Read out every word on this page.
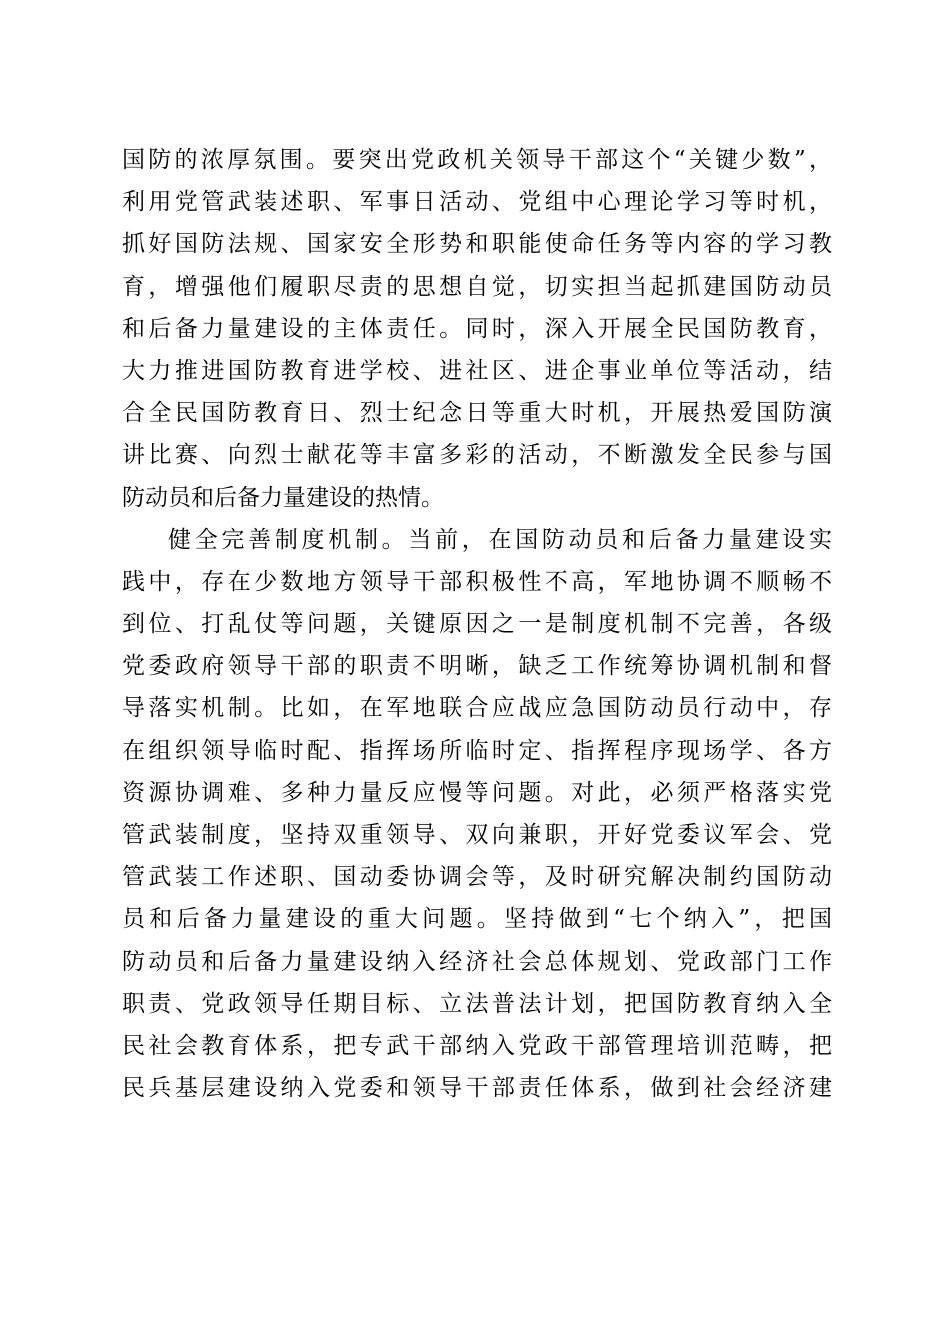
国防的浓厚氛围。要突出党政机关领导干部这个“关键少数”，
利用党管武装述职、军事日活动、党组中心理论学习等时机，
抓好国防法规、国家安全形势和职能使命任务等内容的学习教
育，增强他们履职尽责的思想自觉，切实担当起抓建国防动员
和后备力量建设的主体责任。同时，深入开展全民国防教育，
大力推进国防教育进学校、进社区、进企事业单位等活动，结
合全民国防教育日、烈士纪念日等重大时机，开展热爱国防演
讲比赛、向烈士献花等丰富多彩的活动，不断激发全民参与国
防动员和后备力量建设的热情。
健全完善制度机制。当前，在国防动员和后备力量建设实
践中，存在少数地方领导干部积极性不高，军地协调不顺畅不
到位、打乱仗等问题，关键原因之一是制度机制不完善，各级
党委政府领导干部的职责不明晰，缺乏工作统筹协调机制和督
导落实机制。比如，在军地联合应战应急国防动员行动中，存
在组织领导临时配、指挥场所临时定、指挥程序现场学、各方
资源协调难、多种力量反应慢等问题。对此，必须严格落实党
管武装制度，坚持双重领导、双向兼职，开好党委议军会、党
管武装工作述职、国动委协调会等，及时研究解决制约国防动
员和后备力量建设的重大问题。坚持做到“七个纳入”，把国
防动员和后备力量建设纳入经济社会总体规划、党政部门工作
职责、党政领导任期目标、立法普法计划，把国防教育纳入全
民社会教育体系，把专武干部纳入党政干部管理培训范畴，把
民兵基层建设纳入党委和领导干部责任体系，做到社会经济建
